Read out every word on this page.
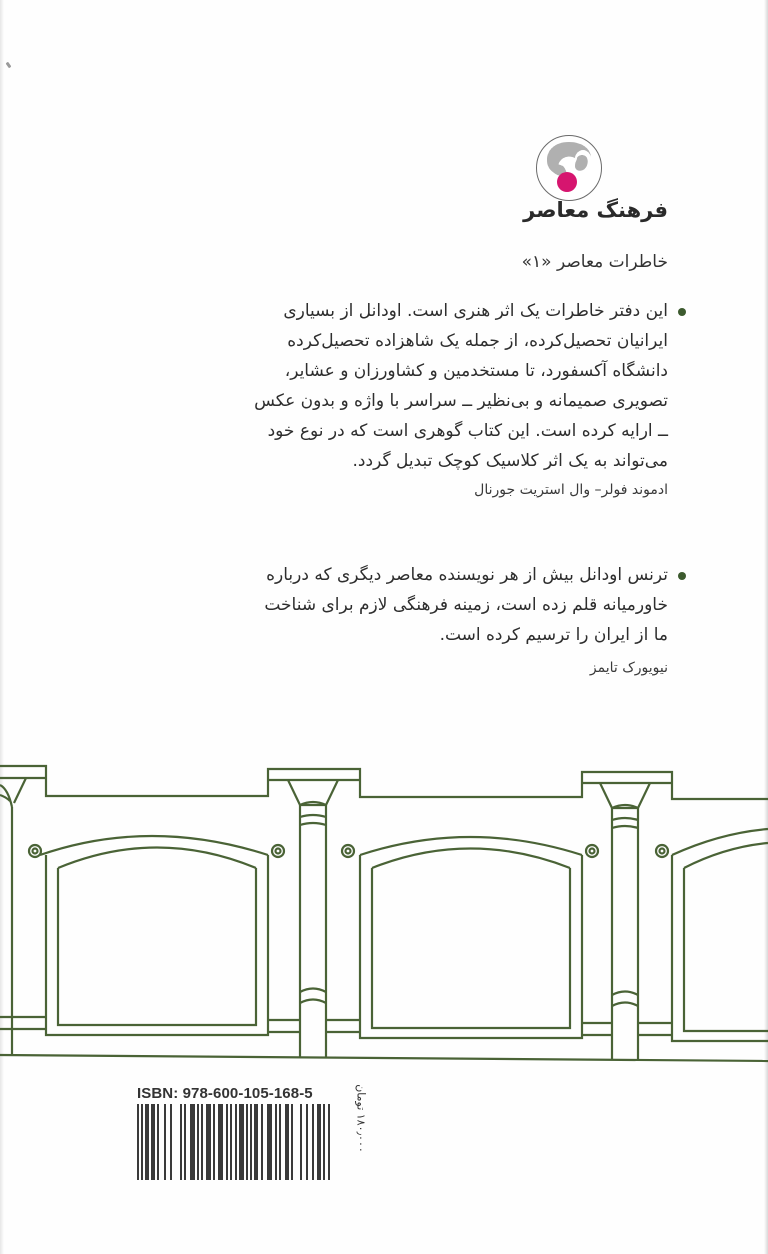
فرهنگ معاصر
خاطرات معاصر «۱»
این دفتر خاطرات یک اثر هنری است. اودانل از بسیاری
ایرانیان تحصیل‌کرده، از جمله یک شاهزاده تحصیل‌کرده
دانشگاه آکسفورد، تا مستخدمین و کشاورزان و عشایر،
تصویری صمیمانه و بی‌نظیر ــ سراسر با واژه و بدون عکس
ــ ارایه کرده است. این کتاب گوهری است که در نوع خود
می‌تواند به یک اثر کلاسیک کوچک تبدیل گردد.
ادموند فولر– وال استریت جورنال
ترنس اودانل بیش از هر نویسنده معاصر دیگری که درباره
خاورمیانه قلم زده است، زمینه فرهنگی لازم برای شناخت
ما از ایران را ترسیم کرده است.
نیویورک تایمز
ISBN: 978-600-105-168-5	۱۸۰٫۰۰۰ تومان
